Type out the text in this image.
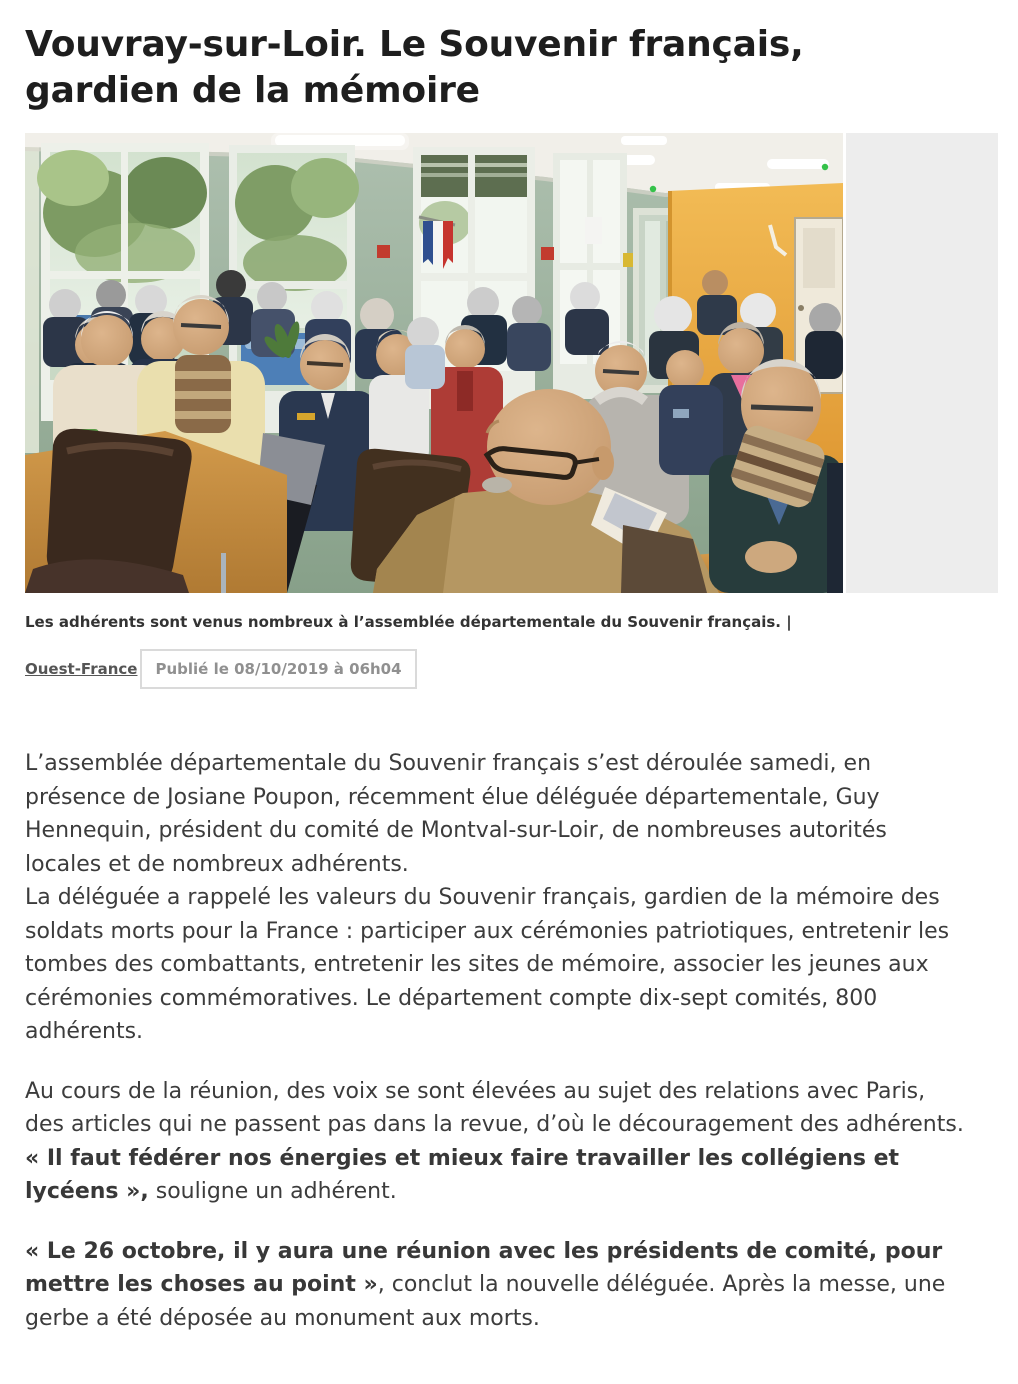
Vouvray-sur-Loir. Le Souvenir français, gardien de la mémoire
Les adhérents sont venus nombreux à l’assemblée départementale du Souvenir français. |
Ouest-France	Publié le 08/10/2019 à 06h04

L’assemblée départementale du Souvenir français s’est déroulée samedi, en présence de Josiane Poupon, récemment élue déléguée départementale, Guy Hennequin, président du comité de Montval-sur-Loir, de nombreuses autorités locales et de nombreux adhérents.
La déléguée a rappelé les valeurs du Souvenir français, gardien de la mémoire des soldats morts pour la France : participer aux cérémonies patriotiques, entretenir les tombes des combattants, entretenir les sites de mémoire, associer les jeunes aux cérémonies commémoratives. Le département compte dix-sept comités, 800 adhérents.

Au cours de la réunion, des voix se sont élevées au sujet des relations avec Paris, des articles qui ne passent pas dans la revue, d’où le découragement des adhérents. « Il faut fédérer nos énergies et mieux faire travailler les collégiens et lycéens », souligne un adhérent.

« Le 26 octobre, il y aura une réunion avec les présidents de comité, pour mettre les choses au point », conclut la nouvelle déléguée. Après la messe, une gerbe a été déposée au monument aux morts.
